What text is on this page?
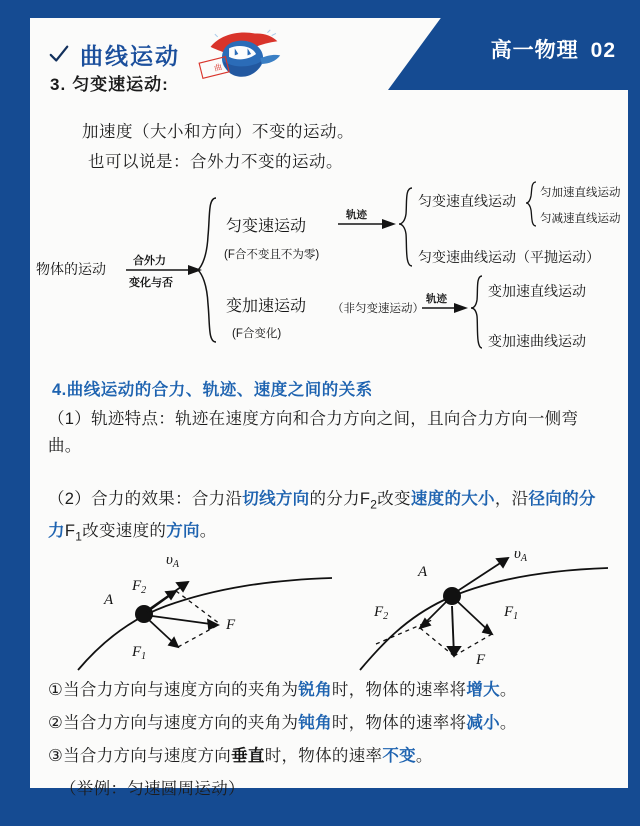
高一物理 02
曲线运动	曲
3. 匀变速运动:
加速度（大小和方向）不变的运动。
也可以说是：合外力不变的运动。
物体的运动 合外力
变化与否
匀变速运动
(F合不变且不为零)
轨迹
匀变速直线运动
匀变速曲线运动（平抛运动）
匀加速直线运动
匀减速直线运动
变加速运动 （非匀变速运动）
(F合变化)
轨迹	变加速直线运动
变加速曲线运动
4.曲线运动的合力、轨迹、速度之间的关系
（1）轨迹特点：轨迹在速度方向和合力方向之间，且向合力方向一侧弯曲。
（2）合力的效果：合力沿切线方向的分力$F_2$改变速度的大小，沿径向的分力$F_1$改变速度的方向。
$\upsilon_A$
$F_2$
A
F
$F_1$
$\upsilon_A$
A
$F_2$	$F_1$
F
①当合力方向与速度方向的夹角为锐角时，物体的速率将增大。
②当合力方向与速度方向的夹角为钝角时，物体的速率将减小。
③当合力方向与速度方向垂直时，物体的速率不变。
（举例：匀速圆周运动）
